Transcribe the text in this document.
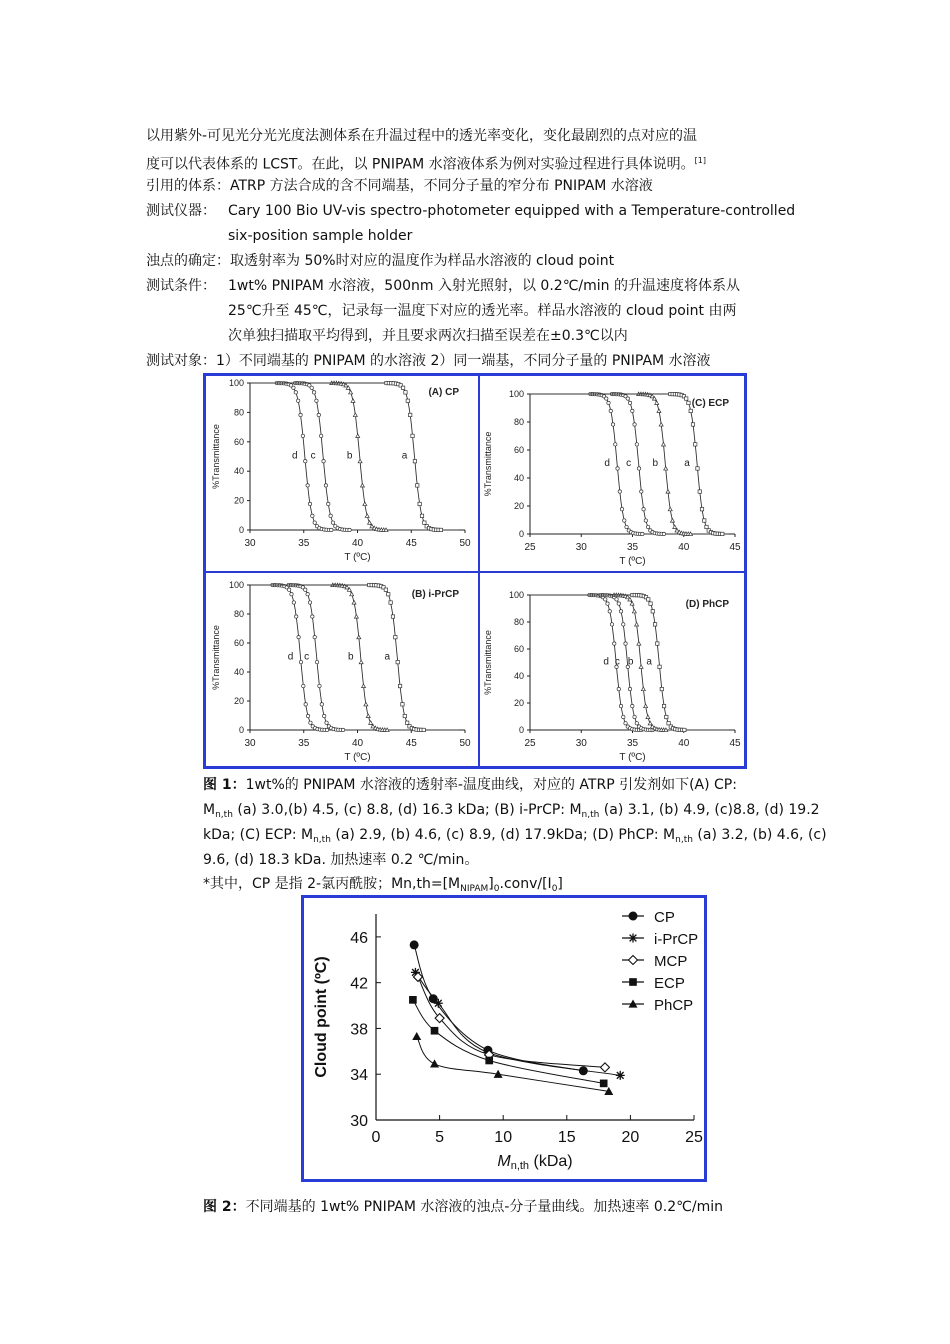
以用紫外-可见光分光光度法测体系在升温过程中的透光率变化，变化最剧烈的点对应的温
度可以代表体系的 LCST。在此，以 PNIPAM 水溶液体系为例对实验过程进行具体说明。[1]
引用的体系：ATRP 方法合成的含不同端基，不同分子量的窄分布 PNIPAM 水溶液
测试仪器： Cary 100 Bio UV-vis spectro-photometer equipped with a Temperature-controlled
six-position sample holder
浊点的确定：取透射率为 50%时对应的温度作为样品水溶液的 cloud point
测试条件： 1wt% PNIPAM 水溶液，500nm 入射光照射，以 0.2℃/min 的升温速度将体系从
25℃升至 45℃，记录每一温度下对应的透光率。样品水溶液的 cloud point 由两
次单独扫描取平均得到，并且要求两次扫描至误差在±0.3℃以内
测试对象：1）不同端基的 PNIPAM 的水溶液 2）同一端基，不同分子量的 PNIPAM 水溶液
0
20
40
60
80
100
30	35	40	45	50
T (ºC)
%Transmittance
(A) CP
d c	b	a
0
20
40
60
80
100
25	30	35	40	45
T (ºC)
%Transmittance
(C) ECP
d c b	a
0
20
40
60
80
100
30	35	40	45	50
T (ºC)
%Transmittance
(B) i-PrCP
d c	b	a
0
20
40
60
80
100
25	30	35	40	45
T (ºC)
%Transmittance
(D) PhCP
d c b a
图 1：1wt%的 PNIPAM 水溶液的透射率-温度曲线，对应的 ATRP 引发剂如下(A) CP:
$M_{n,th}$ (a) 3.0,(b) 4.5, (c) 8.8, (d) 16.3 kDa; (B) i-PrCP: $M_{n,th}$ (a) 3.1, (b) 4.9, (c)8.8, (d) 19.2
kDa; (C) ECP: $M_{n,th}$ (a) 2.9, (b) 4.6, (c) 8.9, (d) 17.9kDa; (D) PhCP: $M_{n,th}$ (a) 3.2, (b) 4.6, (c)
9.6, (d) 18.3 kDa. 加热速率 0.2 ℃/min。
*其中，CP 是指 2-氯丙酰胺；$Mn,th=[M_{NIPAM}]_0.conv/[I_0]$
30
34
38
42
46
0	5	10	15	20	25
Mn,th (kDa)
Cloud point (ºC)
CP
i-PrCP
MCP
ECP
PhCP
图 2：不同端基的 1wt% PNIPAM 水溶液的浊点-分子量曲线。加热速率 0.2℃/min
